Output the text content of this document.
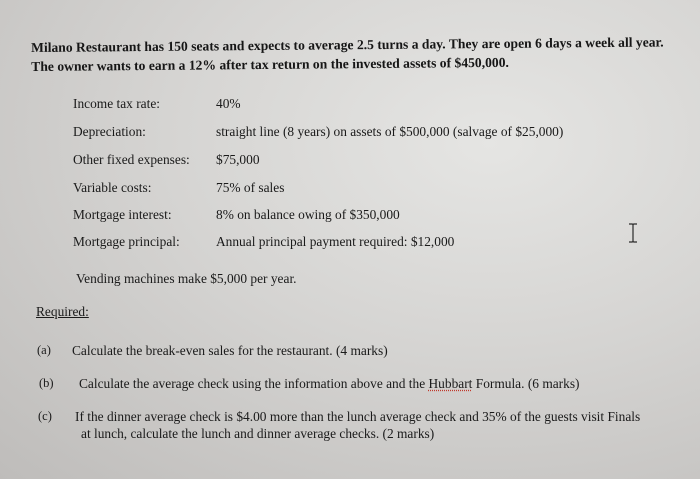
Milano Restaurant has 150 seats and expects to average 2.5 turns a day. They are open 6 days a week all year.
The owner wants to earn a 12% after tax return on the invested assets of $450,000.
Income tax rate:	40%
Depreciation:	straight line (8 years) on assets of $500,000 (salvage of $25,000)
Other fixed expenses: $75,000
Variable costs:	75% of sales
Mortgage interest:	8% on balance owing of $350,000
Mortgage principal:	Annual principal payment required: $12,000
Vending machines make $5,000 per year.
Required:
(a) Calculate the break-even sales for the restaurant. (4 marks)
(b) Calculate the average check using the information above and the Hubbart Formula. (6 marks)
(c) If the dinner average check is $4.00 more than the lunch average check and 35% of the guests visit Finals
at lunch, calculate the lunch and dinner average checks. (2 marks)
